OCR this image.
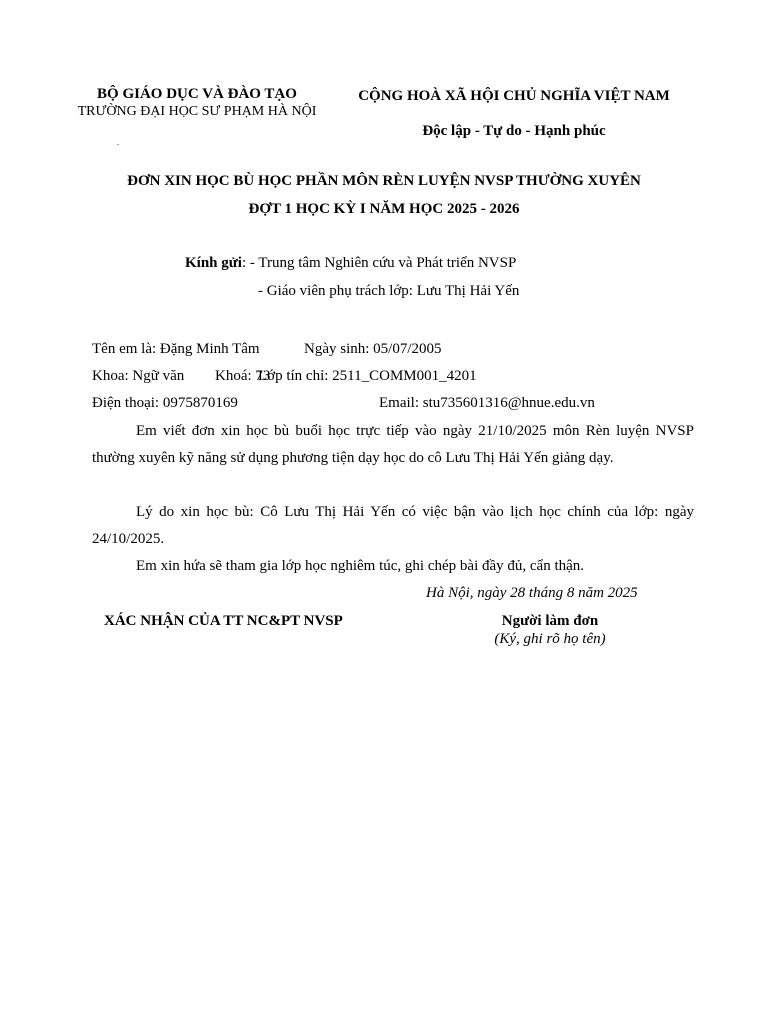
BỘ GIÁO DỤC VÀ ĐÀO TẠO
TRƯỜNG ĐẠI HỌC SƯ PHẠM HÀ NỘI
.
CỘNG HOÀ XÃ HỘI CHỦ NGHĨA VIỆT NAM
Độc lập - Tự do - Hạnh phúc
ĐƠN XIN HỌC BÙ HỌC PHẦN MÔN RÈN LUYỆN NVSP THƯỜNG XUYÊN
ĐỢT 1 HỌC KỲ I NĂM HỌC 2025 - 2026
Kính gửi: - Trung tâm Nghiên cứu và Phát triển NVSP
- Giáo viên phụ trách lớp: Lưu Thị Hải Yến
Tên em là: Đặng Minh Tâm	Ngày sinh: 05/07/2005
Khoa: Ngữ văn Khoá: 73
Lớp tín chỉ: 2511_COMM001_4201
Điện thoại: 0975870169	Email: stu735601316@hnue.edu.vn
Em viết đơn xin học bù buổi học trực tiếp vào ngày 21/10/2025 môn Rèn luyện NVSP thường xuyên kỹ năng sử dụng phương tiện dạy học do cô Lưu Thị Hải Yến giảng dạy.
Lý do xin học bù: Cô Lưu Thị Hải Yến có việc bận vào lịch học chính của lớp: ngày 24/10/2025.
Em xin hứa sẽ tham gia lớp học nghiêm túc, ghi chép bài đầy đủ, cẩn thận.
Hà Nội, ngày 28 tháng 8 năm 2025
XÁC NHẬN CỦA TT NC&PT NVSP	Người làm đơn
(Ký, ghi rõ họ tên)
